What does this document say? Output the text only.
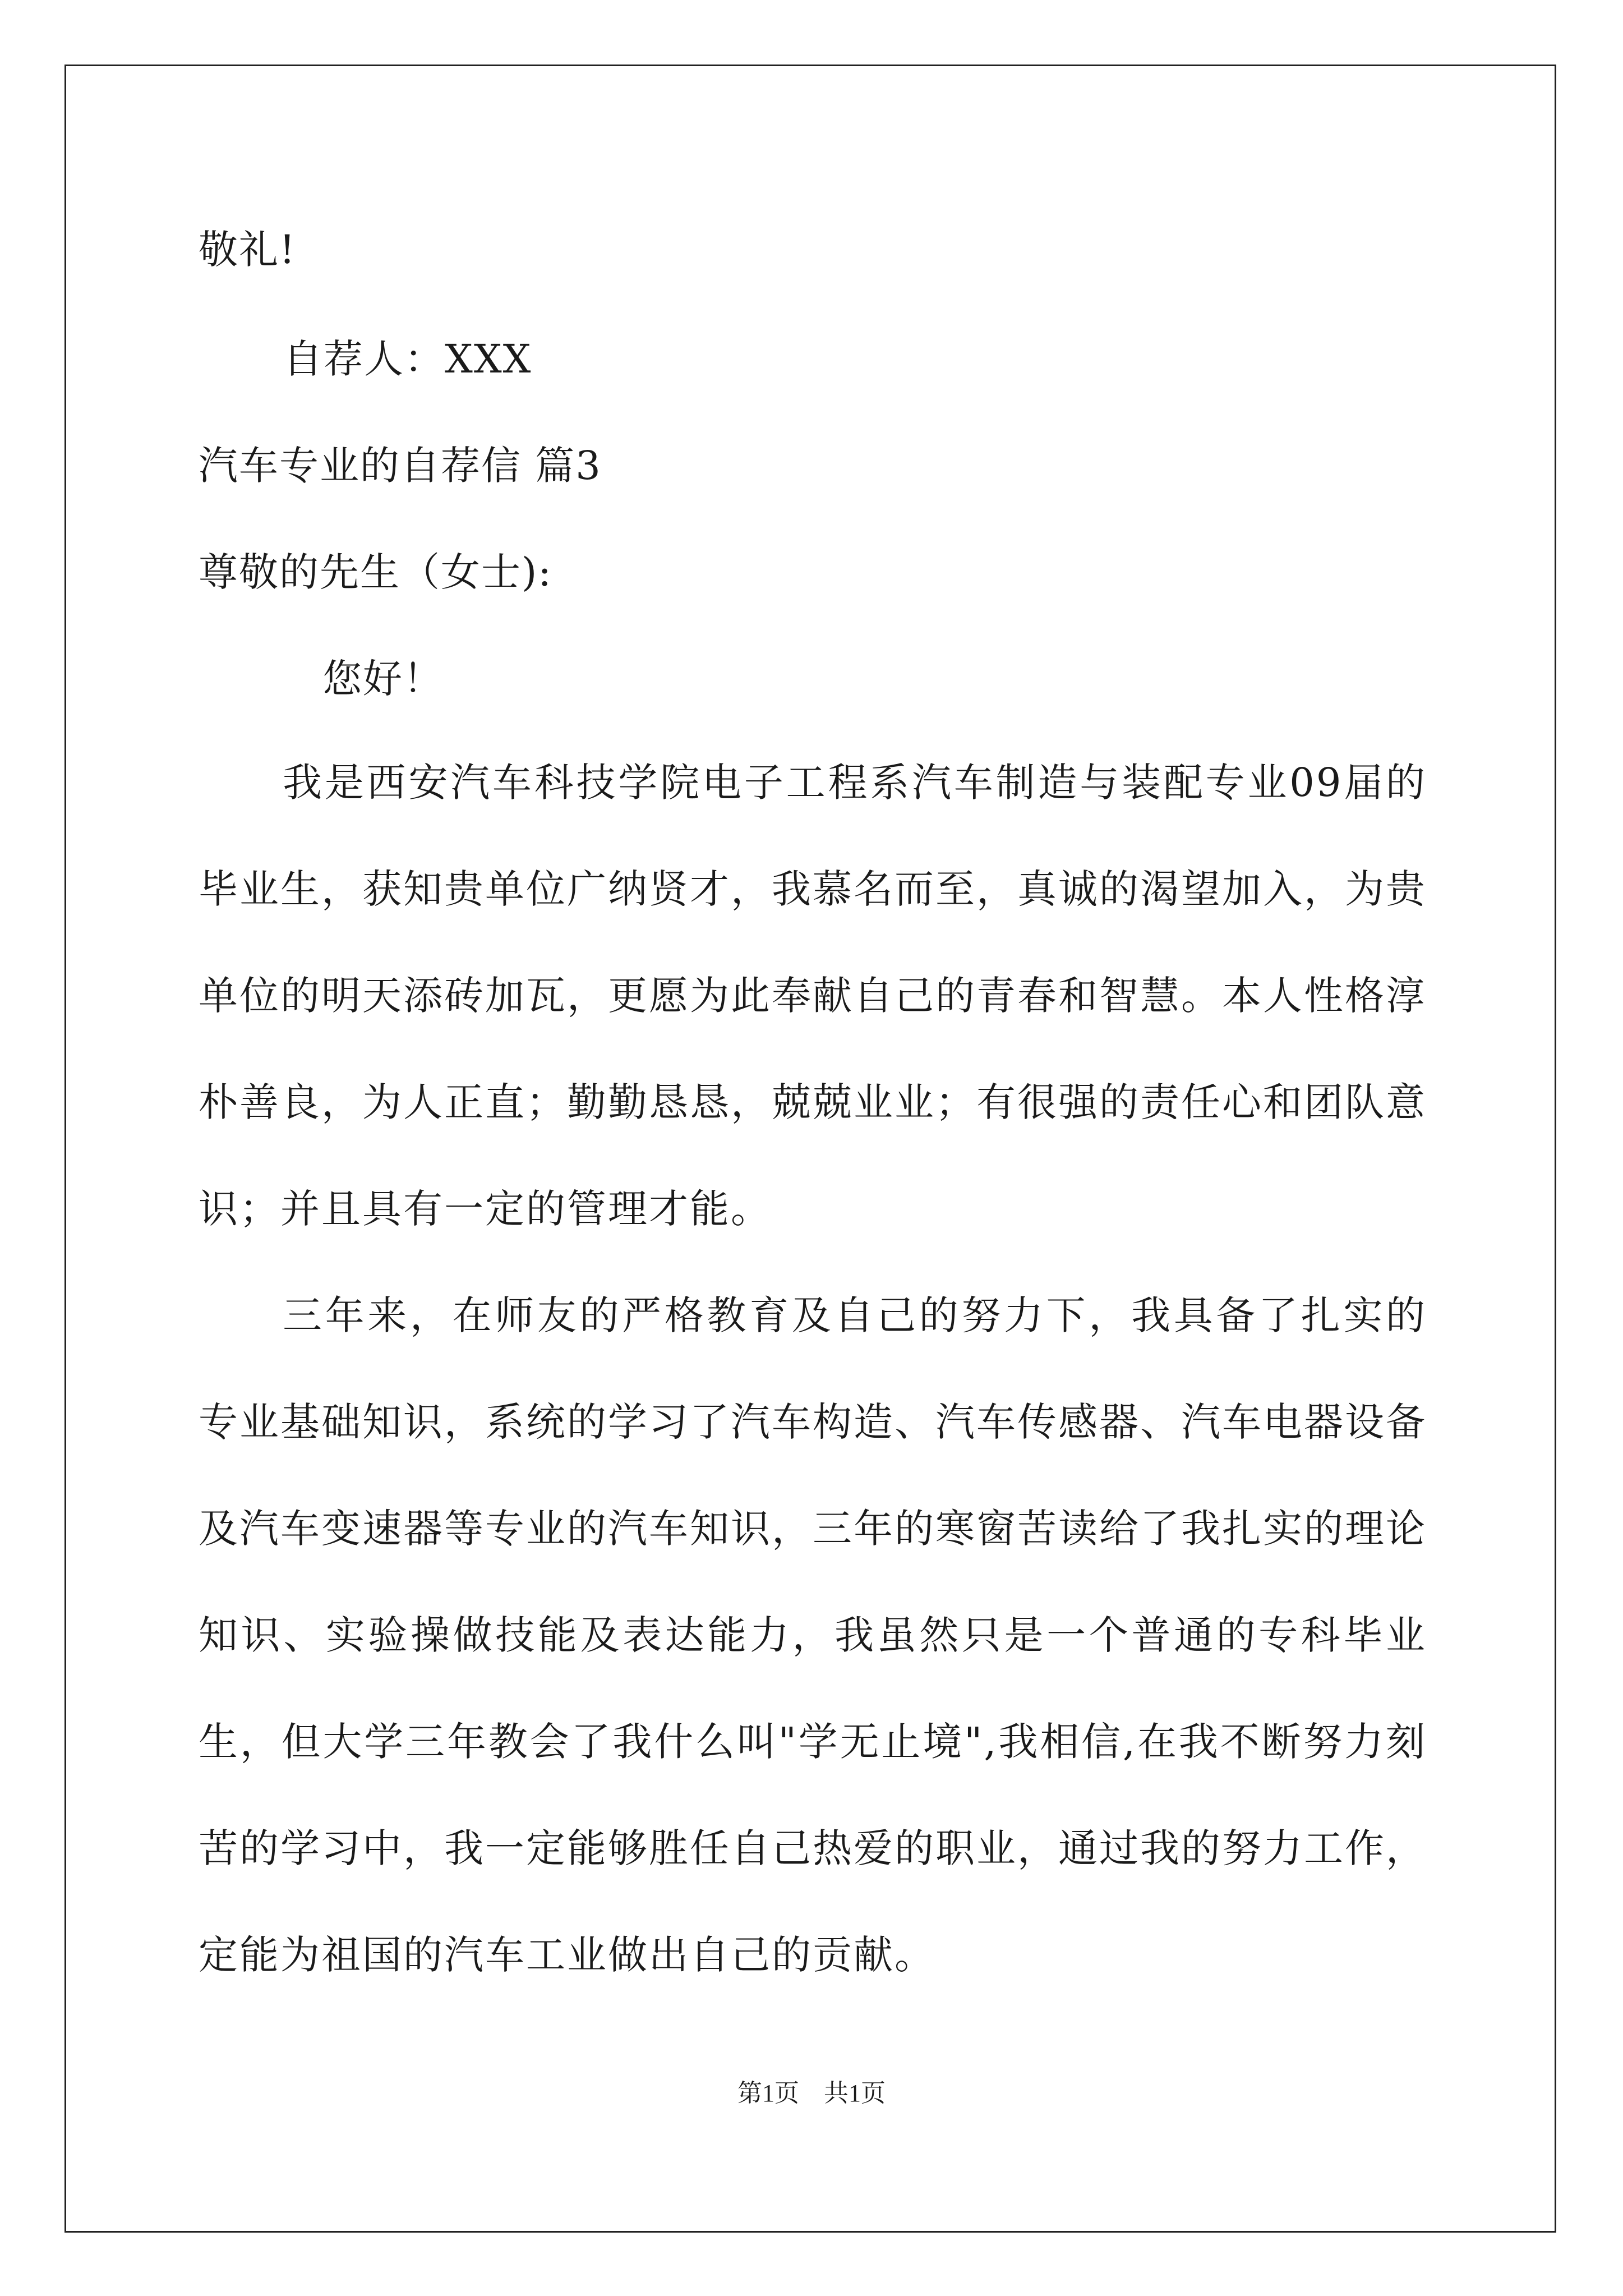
敬礼!
自荐人：XXX
汽车专业的自荐信 篇3
尊敬的先生（女士):
您好！

我是西安汽车科技学院电子工程系汽车制造与装配专业09届的毕业生，获知贵单位广纳贤才，我慕名而至，真诚的渴望加入，为贵单位的明天添砖加瓦，更愿为此奉献自己的青春和智慧。本人性格淳朴善良，为人正直；勤勤恳恳，兢兢业业；有很强的责任心和团队意识；并且具有一定的管理才能。

三年来，在师友的严格教育及自己的努力下，我具备了扎实的专业基础知识，系统的学习了汽车构造、汽车传感器、汽车电器设备及汽车变速器等专业的汽车知识，三年的寒窗苦读给了我扎实的理论知识、实验操做技能及表达能力，我虽然只是一个普通的专科毕业生，但大学三年教会了我什么叫"学无止境",我相信,在我不断努力刻苦的学习中，我一定能够胜任自己热爱的职业，通过我的努力工作，定能为祖国的汽车工业做出自己的贡献。

第1页　共1页
